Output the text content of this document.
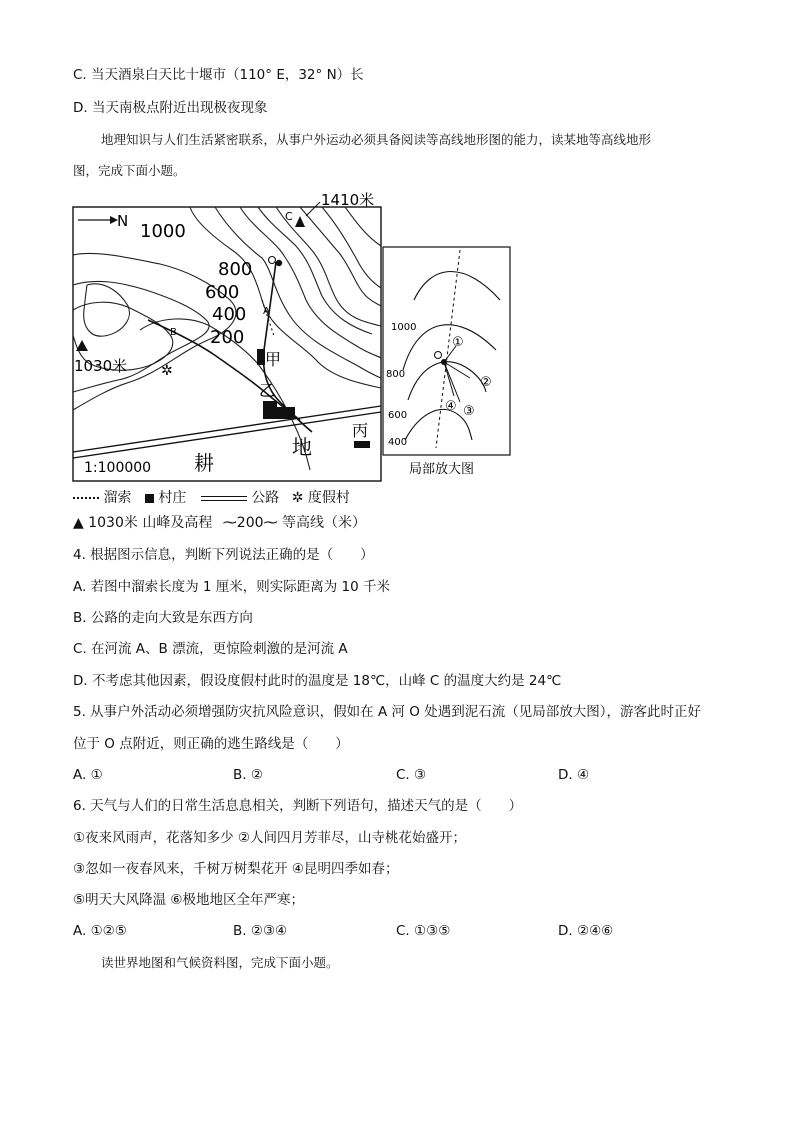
C. 当天酒泉白天比十堰市（110° E，32° N）长
D. 当天南极点附近出现极夜现象
地理知识与人们生活紧密联系，从事户外运动必须具备阅读等高线地形图的能力，读某地等高线地形
图，完成下面小题。
N	C
1410米
1030米
1000
800
600
400
200
A
B
✲
甲
乙
丙
地
耕
1:100000
1000
800
600
400
①
②
③
④
局部放大图
溜索 村庄	公路 ✲ 度假村
▲ 1030米 山峰及高程 ⁓200⁓ 等高线（米）
4. 根据图示信息，判断下列说法正确的是（　　）
A. 若图中溜索长度为 1 厘米，则实际距离为 10 千米
B. 公路的走向大致是东西方向
C. 在河流 A、B 漂流，更惊险刺激的是河流 A
D. 不考虑其他因素，假设度假村此时的温度是 18℃，山峰 C 的温度大约是 24℃
5. 从事户外活动必须增强防灾抗风险意识，假如在 A 河 O 处遇到泥石流（见局部放大图），游客此时正好
位于 O 点附近，则正确的逃生路线是（　　）
A. ①	B. ②	C. ③	D. ④
6. 天气与人们的日常生活息息相关，判断下列语句，描述天气的是（　　）
①夜来风雨声，花落知多少 ②人间四月芳菲尽，山寺桃花始盛开；
③忽如一夜春风来，千树万树梨花开 ④昆明四季如春；
⑤明天大风降温 ⑥极地地区全年严寒；
A. ①②⑤	B. ②③④	C. ①③⑤	D. ②④⑥
读世界地图和气候资料图，完成下面小题。
